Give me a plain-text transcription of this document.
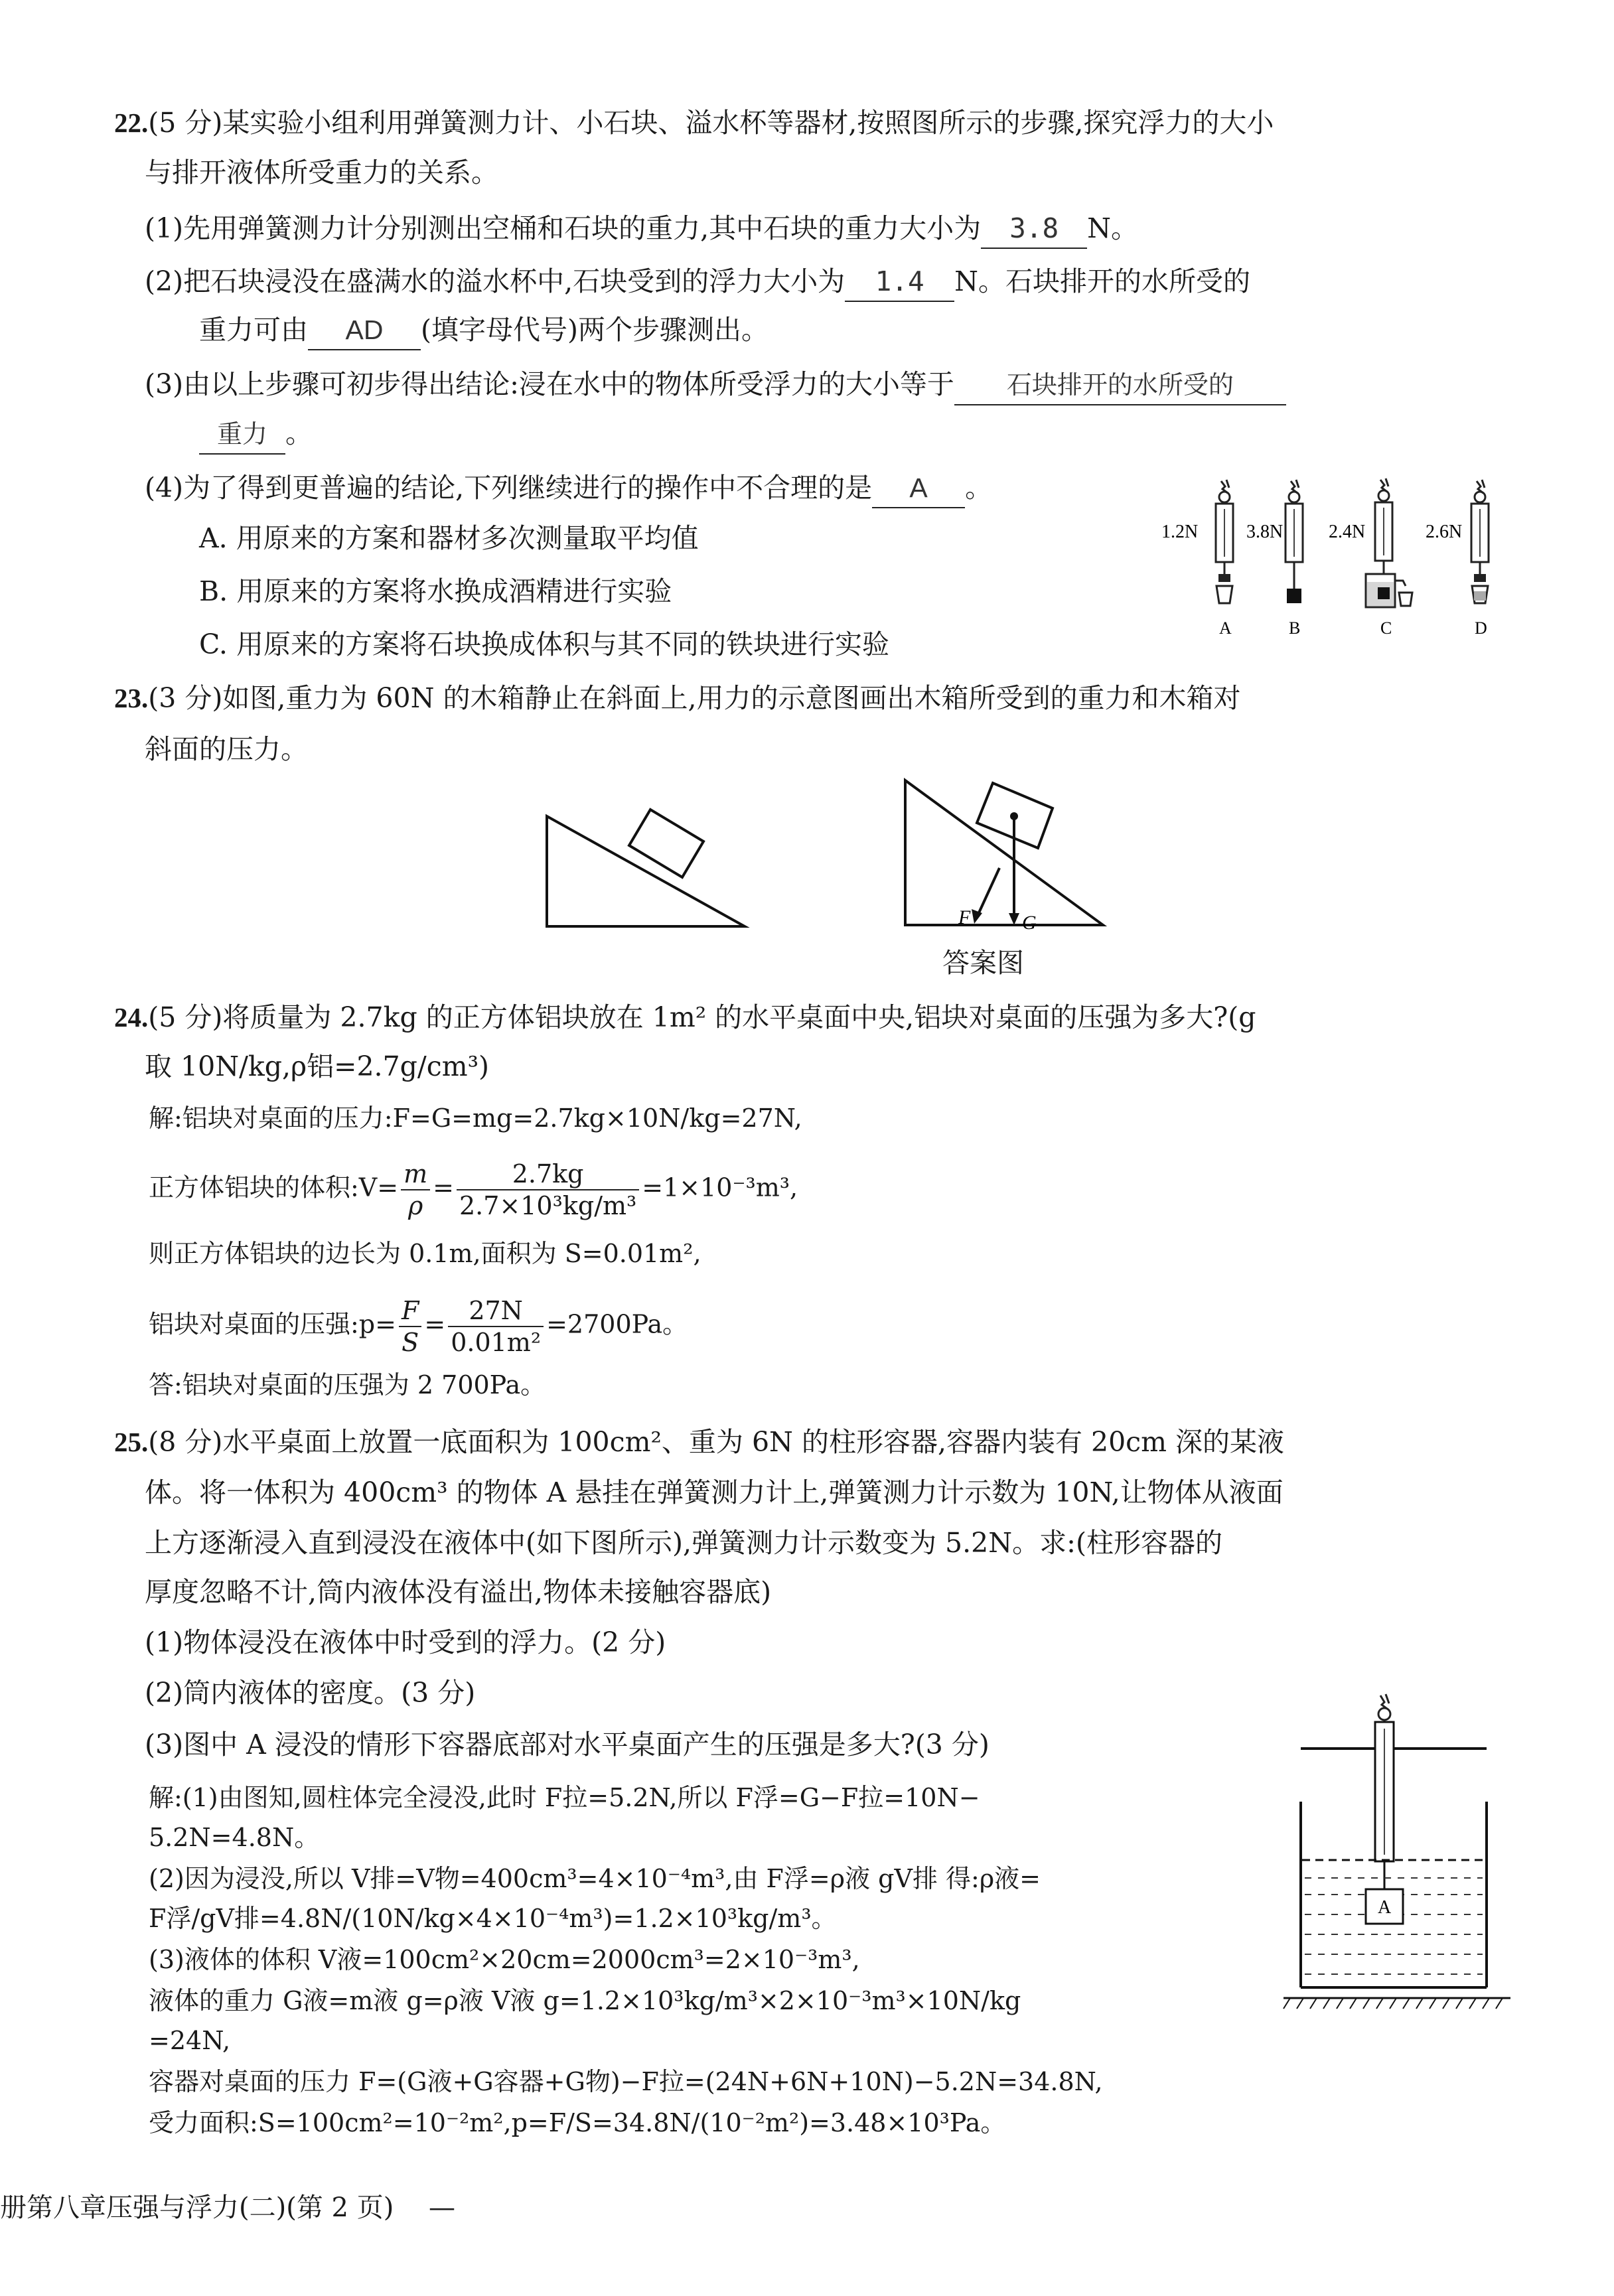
22.(5 分)某实验小组利用弹簧测力计、小石块、溢水杯等器材,按照图所示的步骤,探究浮力的大小
与排开液体所受重力的关系。
(1)先用弹簧测力计分别测出空桶和石块的重力,其中石块的重力大小为 3.8 N。
(2)把石块浸没在盛满水的溢水杯中,石块受到的浮力大小为 1.4 N。石块排开的水所受的
重力可由 AD (填字母代号)两个步骤测出。
(3)由以上步骤可初步得出结论:浸在水中的物体所受浮力的大小等于 石块排开的水所受的
重力 。
(4)为了得到更普遍的结论,下列继续进行的操作中不合理的是 A 。
A. 用原来的方案和器材多次测量取平均值
B. 用原来的方案将水换成酒精进行实验
C. 用原来的方案将石块换成体积与其不同的铁块进行实验
1.2N
A
3.8N
B
2.4N
C
2.6N
D
23.(3 分)如图,重力为 60N 的木箱静止在斜面上,用力的示意图画出木箱所受到的重力和木箱对
斜面的压力。
F	G
答案图
24.(5 分)将质量为 2.7kg 的正方体铝块放在 1m² 的水平桌面中央,铝块对桌面的压强为多大?(g
取 10N/kg,ρ铝=2.7g/cm³)
解:铝块对桌面的压力:F=G=mg=2.7kg×10N/kg=27N,
正方体铝块的体积:V= $\frac{m}{\rho} = \frac{2.7kg}{\text{2.7×10³kg/m³}} =1\times 10^{-3}m^3$,
则正方体铝块的边长为 0.1m,面积为 S=0.01m²,
铝块对桌面的压强:p= $\frac{F}{S} = \frac{27N}{\text{0.01m²}} =2700Pa$。
答:铝块对桌面的压强为 2 700Pa。
25.(8 分)水平桌面上放置一底面积为 100cm²、重为 6N 的柱形容器,容器内装有 20cm 深的某液
体。将一体积为 400cm³ 的物体 A 悬挂在弹簧测力计上,弹簧测力计示数为 10N,让物体从液面
上方逐渐浸入直到浸没在液体中(如下图所示),弹簧测力计示数变为 5.2N。求:(柱形容器的
厚度忽略不计,筒内液体没有溢出,物体未接触容器底)
(1)物体浸没在液体中时受到的浮力。(2 分)
(2)筒内液体的密度。(3 分)
(3)图中 A 浸没的情形下容器底部对水平桌面产生的压强是多大?(3 分)
解:(1)由图知,圆柱体完全浸没,此时 F拉=5.2N,所以 F浮=G−F拉=10N−
5.2N=4.8N。
(2)因为浸没,所以 V排=V物=400cm³=4×10⁻⁴m³,由 F浮=ρ液 gV排 得:ρ液=
F浮/gV排=4.8N/(10N/kg×4×10⁻⁴m³)=1.2×10³kg/m³。
(3)液体的体积 V液=100cm²×20cm=2000cm³=2×10⁻³m³,
液体的重力 G液=m液 g=ρ液 V液 g=1.2×10³kg/m³×2×10⁻³m³×10N/kg
=24N,
容器对桌面的压力 F=(G液+G容器+G物)−F拉=(24N+6N+10N)−5.2N=34.8N,
受力面积:S=100cm²=10⁻²m²,p=F/S=34.8N/(10⁻²m²)=3.48×10³Pa。
A
册第八章压强与浮力(二)(第 2 页) —
